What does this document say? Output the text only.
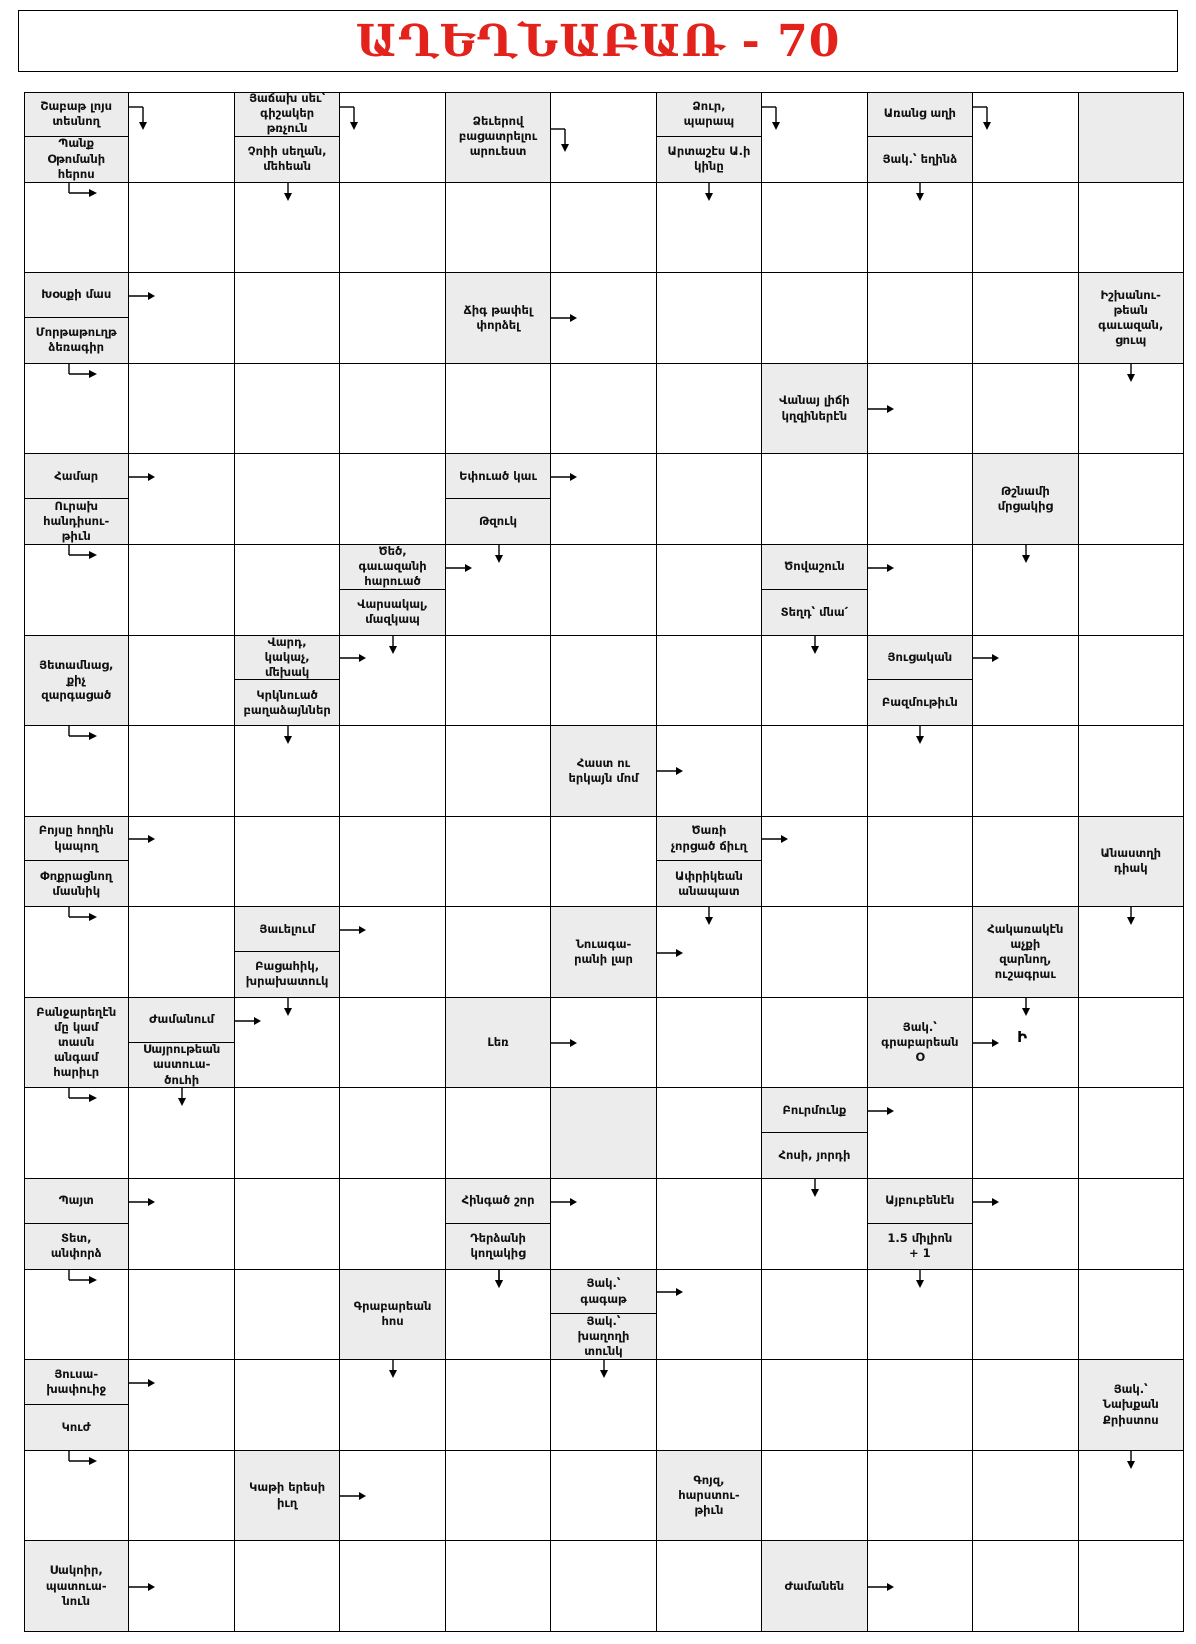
ԱՂԵՂՆԱԲԱՌ - 70
Շաբաթ լոյս
տեսնող
Պանք
Օթոմանի
հերոս
Յաճախ սեւ՝
գիշակեր
թռչուն
Չոիի սեղան,
մեհեան
Ձեւերով
բացատրելու
արուեստ
Ձուր,
պարապ
Արտաշէս Ա.ի
կինը
Առանց աղի
Յակ.՝ եղինձ
Խօսքի մաս
Մորթաթուղթ
ձեռագիր
Ճիգ թափել
փորձել
Իշխանու-
թեան
գաւազան,
ցուպ
Վանայ լիճի
կղզիներէն
Համար
Ուրախ
հանդիսու-
թիւն
Եփուած կաւ
Թզուկ
Թշնամի
մրցակից
Ծեծ,
գաւազանի
հարուած
Վարսակալ,
մազկապ
Ծովաշուն
Տեղդ՝ մնա՛
Յետամնաց,
քիչ
զարգացած
Վարդ,
կակաչ,
մեխակ
Կրկնուած
բաղաձայններ
Յուցական
Բազմութիւն
Հաստ ու
երկայն մոմ
Բոյսը հողին
կապող
Փոքրացնող
մասնիկ
Ծառի
չորցած ճիւղ
Ափրիկեան
անապատ
Անաստղի
դիակ
Յաւելում
Բացահիկ,
խրախատուկ
Նուագա-
րանի լար
Հակառակէն
աչքի
զարնող,
ուշագրաւ
Բանջարեղէն
մը կամ
տասն
անգամ
հարիւր
Ժամանում
Սայրութեան
աստուա-
ծուհի
Լեռ
Յակ.՝
գրաբարեան
Օ
Բուրմունք
Հոսի, յորդի
Պայտ
Տետ,
անփորձ
Հինգած շոր
Դերձանի
կողակից
Այբուբենէն
1.5 միլիոն
+ 1
Գրաբարեան
հոս
Յակ.՝
գագաթ
Յակ.՝
խաղողի
տունկ
Յուսա-
խափուիջ
Կուժ
Յակ.՝
Նախքան
Քրիստոս
Կաթի երեսի
իւղ
Գոյզ,
հարստու-
թիւն
Սակոիր,
պատուա-
նուն
Ժամանեն
Ի
